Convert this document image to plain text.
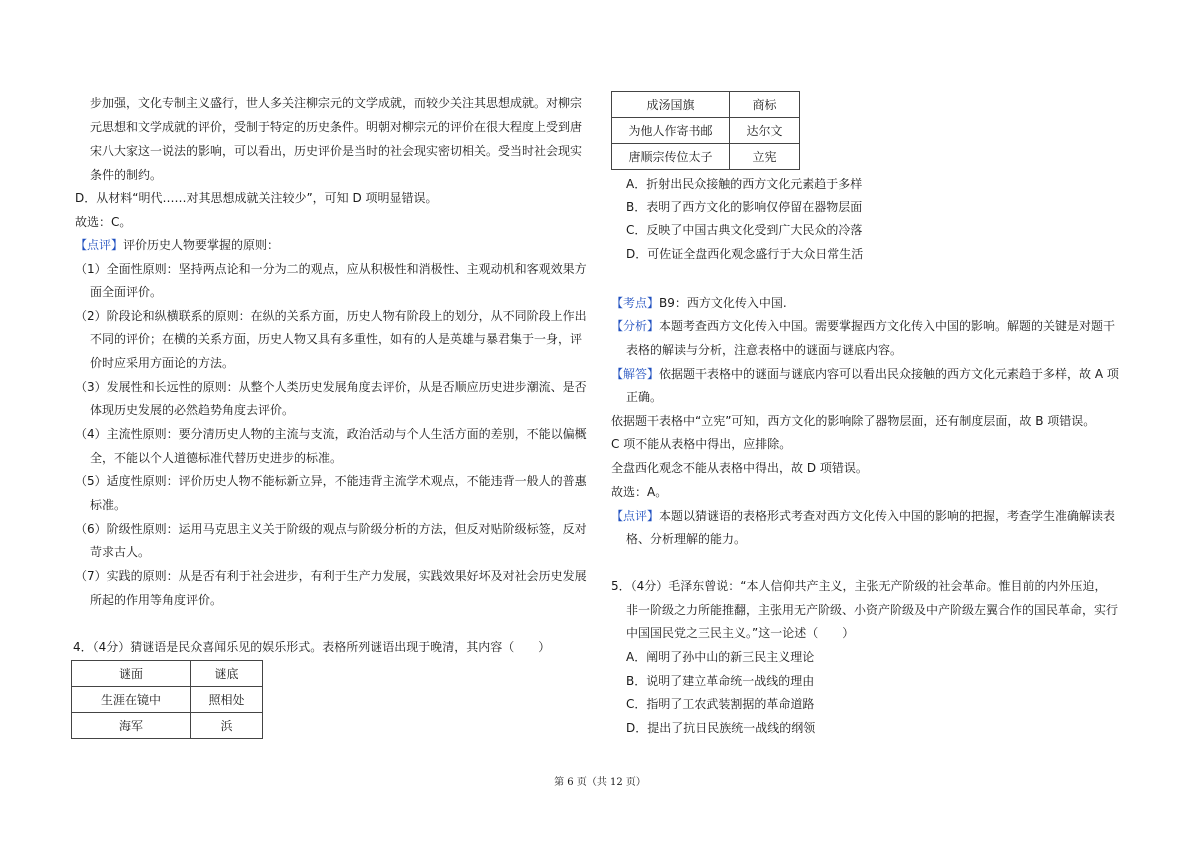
步加强，文化专制主义盛行，世人多关注柳宗元的文学成就，而较少关注其思想成就。对柳宗
元思想和文学成就的评价，受制于特定的历史条件。明朝对柳宗元的评价在很大程度上受到唐
宋八大家这一说法的影响，可以看出，历史评价是当时的社会现实密切相关。受当时社会现实
条件的制约。
D．从材料“明代……对其思想成就关注较少”，可知 D 项明显错误。
故选：C。
【点评】评价历史人物要掌握的原则：
（1）全面性原则：坚持两点论和一分为二的观点，应从积极性和消极性、主观动机和客观效果方
面全面评价。
（2）阶段论和纵横联系的原则：在纵的关系方面，历史人物有阶段上的划分，从不同阶段上作出
不同的评价；在横的关系方面，历史人物又具有多重性，如有的人是英雄与暴君集于一身，评
价时应采用方面论的方法。
（3）发展性和长远性的原则：从整个人类历史发展角度去评价，从是否顺应历史进步潮流、是否
体现历史发展的必然趋势角度去评价。
（4）主流性原则：要分清历史人物的主流与支流，政治活动与个人生活方面的差别，不能以偏概
全，不能以个人道德标准代替历史进步的标准。
（5）适度性原则：评价历史人物不能标新立异，不能违背主流学术观点，不能违背一般人的普惠
标准。
（6）阶级性原则：运用马克思主义关于阶级的观点与阶级分析的方法，但反对贴阶级标签，反对
苛求古人。
（7）实践的原则：从是否有利于社会进步，有利于生产力发展，实践效果好坏及对社会历史发展
所起的作用等角度评价。
4．（4分）猜谜语是民众喜闻乐见的娱乐形式。表格所列谜语出现于晚清，其内容（　　）
谜面	谜底
生涯在镜中	照相处
海军	浜
成汤国旗	商标
为他人作寄书邮	达尔文
唐顺宗传位太子	立宪
A．折射出民众接触的西方文化元素趋于多样
B．表明了西方文化的影响仅停留在器物层面
C．反映了中国古典文化受到广大民众的冷落
D．可佐证全盘西化观念盛行于大众日常生活
【考点】B9：西方文化传入中国.
【分析】本题考查西方文化传入中国。需要掌握西方文化传入中国的影响。解题的关键是对题干
表格的解读与分析，注意表格中的谜面与谜底内容。
【解答】依据题干表格中的谜面与谜底内容可以看出民众接触的西方文化元素趋于多样，故 A 项
正确。
依据题干表格中“立宪”可知，西方文化的影响除了器物层面，还有制度层面，故 B 项错误。
C 项不能从表格中得出，应排除。
全盘西化观念不能从表格中得出，故 D 项错误。
故选：A。
【点评】本题以猜谜语的表格形式考查对西方文化传入中国的影响的把握，考查学生准确解读表
格、分析理解的能力。
5．（4分）毛泽东曾说：“本人信仰共产主义，主张无产阶级的社会革命。惟目前的内外压迫，
非一阶级之力所能推翻，主张用无产阶级、小资产阶级及中产阶级左翼合作的国民革命，实行
中国国民党之三民主义。”这一论述（　　）
A．阐明了孙中山的新三民主义理论
B．说明了建立革命统一战线的理由
C．指明了工农武装割据的革命道路
D．提出了抗日民族统一战线的纲领
第 6 页（共 12 页）
